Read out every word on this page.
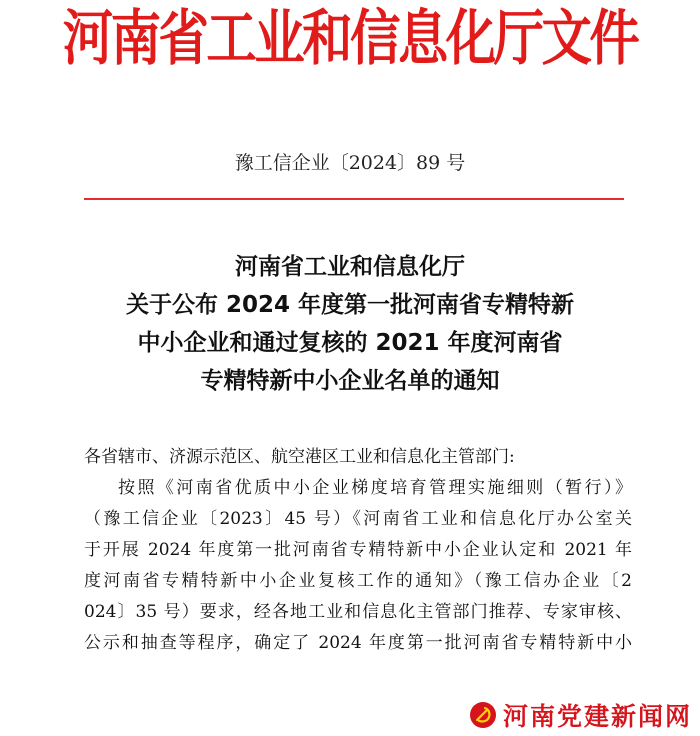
河南省工业和信息化厅文件
豫工信企业〔2024〕89 号
河南省工业和信息化厅
关于公布 2024 年度第一批河南省专精特新
中小企业和通过复核的 2021 年度河南省
专精特新中小企业名单的通知
各省辖市、济源示范区、航空港区工业和信息化主管部门:
按照《河南省优质中小企业梯度培育管理实施细则（暂行）》
（豫工信企业〔2023〕45 号）《河南省工业和信息化厅办公室关
于开展 2024 年度第一批河南省专精特新中小企业认定和 2021 年
度河南省专精特新中小企业复核工作的通知》（豫工信办企业〔2
024〕35 号）要求，经各地工业和信息化主管部门推荐、专家审核、
公示和抽查等程序，确定了 2024 年度第一批河南省专精特新中小
河南党建新闻网
